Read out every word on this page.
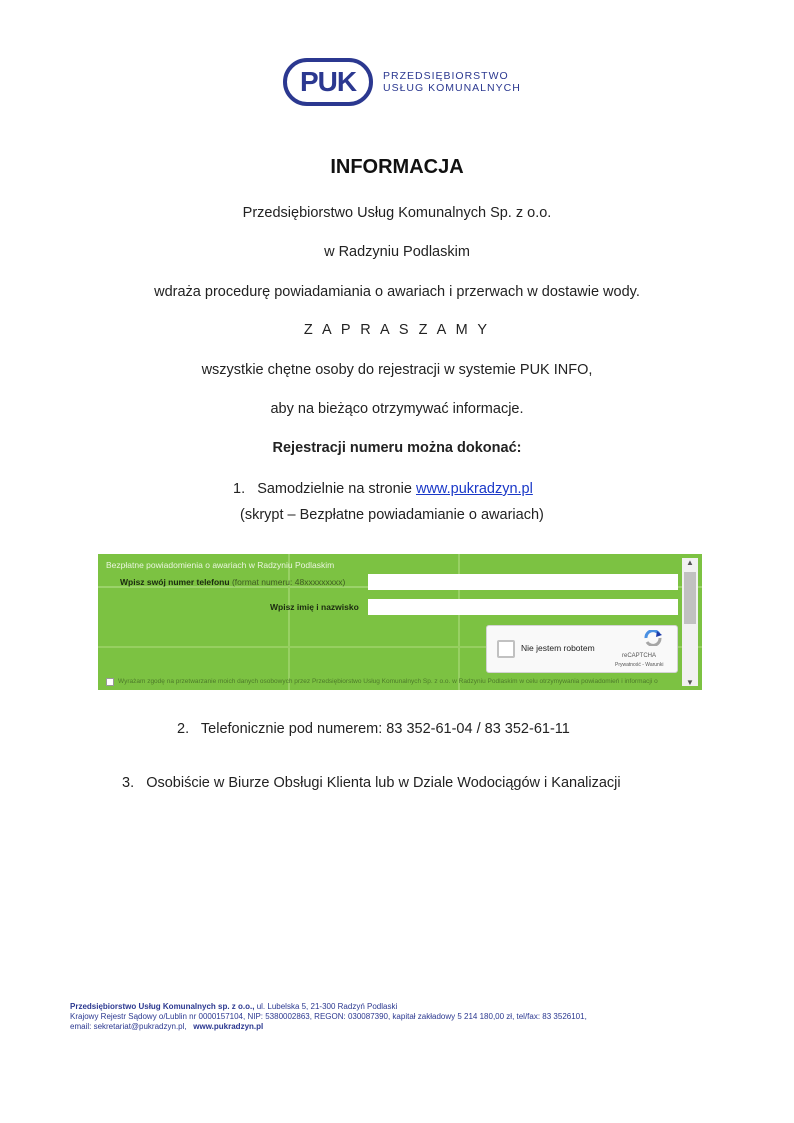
PUK	PRZEDSIĘBIORSTWO
USŁUG KOMUNALNYCH
INFORMACJA
Przedsiębiorstwo Usług Komunalnych Sp. z o.o.
w Radzyniu Podlaskim
wdraża procedurę powiadamiania o awariach i przerwach w dostawie wody.
Z A P R A S Z A M Y
wszystkie chętne osoby do rejestracji w systemie PUK INFO,
aby na bieżąco otrzymywać informacje.
Rejestracji numeru można dokonać:
1. Samodzielnie na stronie www.pukradzyn.pl
(skrypt – Bezpłatne powiadamianie o awariach)
Bezpłatne powiadomienia o awariach w Radzyniu Podlaskim
Wpisz swój numer telefonu (format numeru: 48xxxxxxxxx)
Wpisz imię i nazwisko
Nie jestem robotem
reCAPTCHA
Prywatność - Warunki
▲
▼
Wyrażam zgodę na przetwarzanie moich danych osobowych przez Przedsiębiorstwo Usług Komunalnych Sp. z o.o. w Radzyniu Podlaskim w celu otrzymywania powiadomień i informacji o
2. Telefonicznie pod numerem: 83 352-61-04 / 83 352-61-11
3. Osobiście w Biurze Obsługi Klienta lub w Dziale Wodociągów i Kanalizacji
Przedsiębiorstwo Usług Komunalnych sp. z o.o., ul. Lubelska 5, 21-300 Radzyń Podlaski
Krajowy Rejestr Sądowy o/Lublin nr 0000157104, NIP: 5380002863, REGON: 030087390, kapitał zakładowy 5 214 180,00 zł, tel/fax: 83 3526101,
email: sekretariat@pukradzyn.pl, www.pukradzyn.pl
